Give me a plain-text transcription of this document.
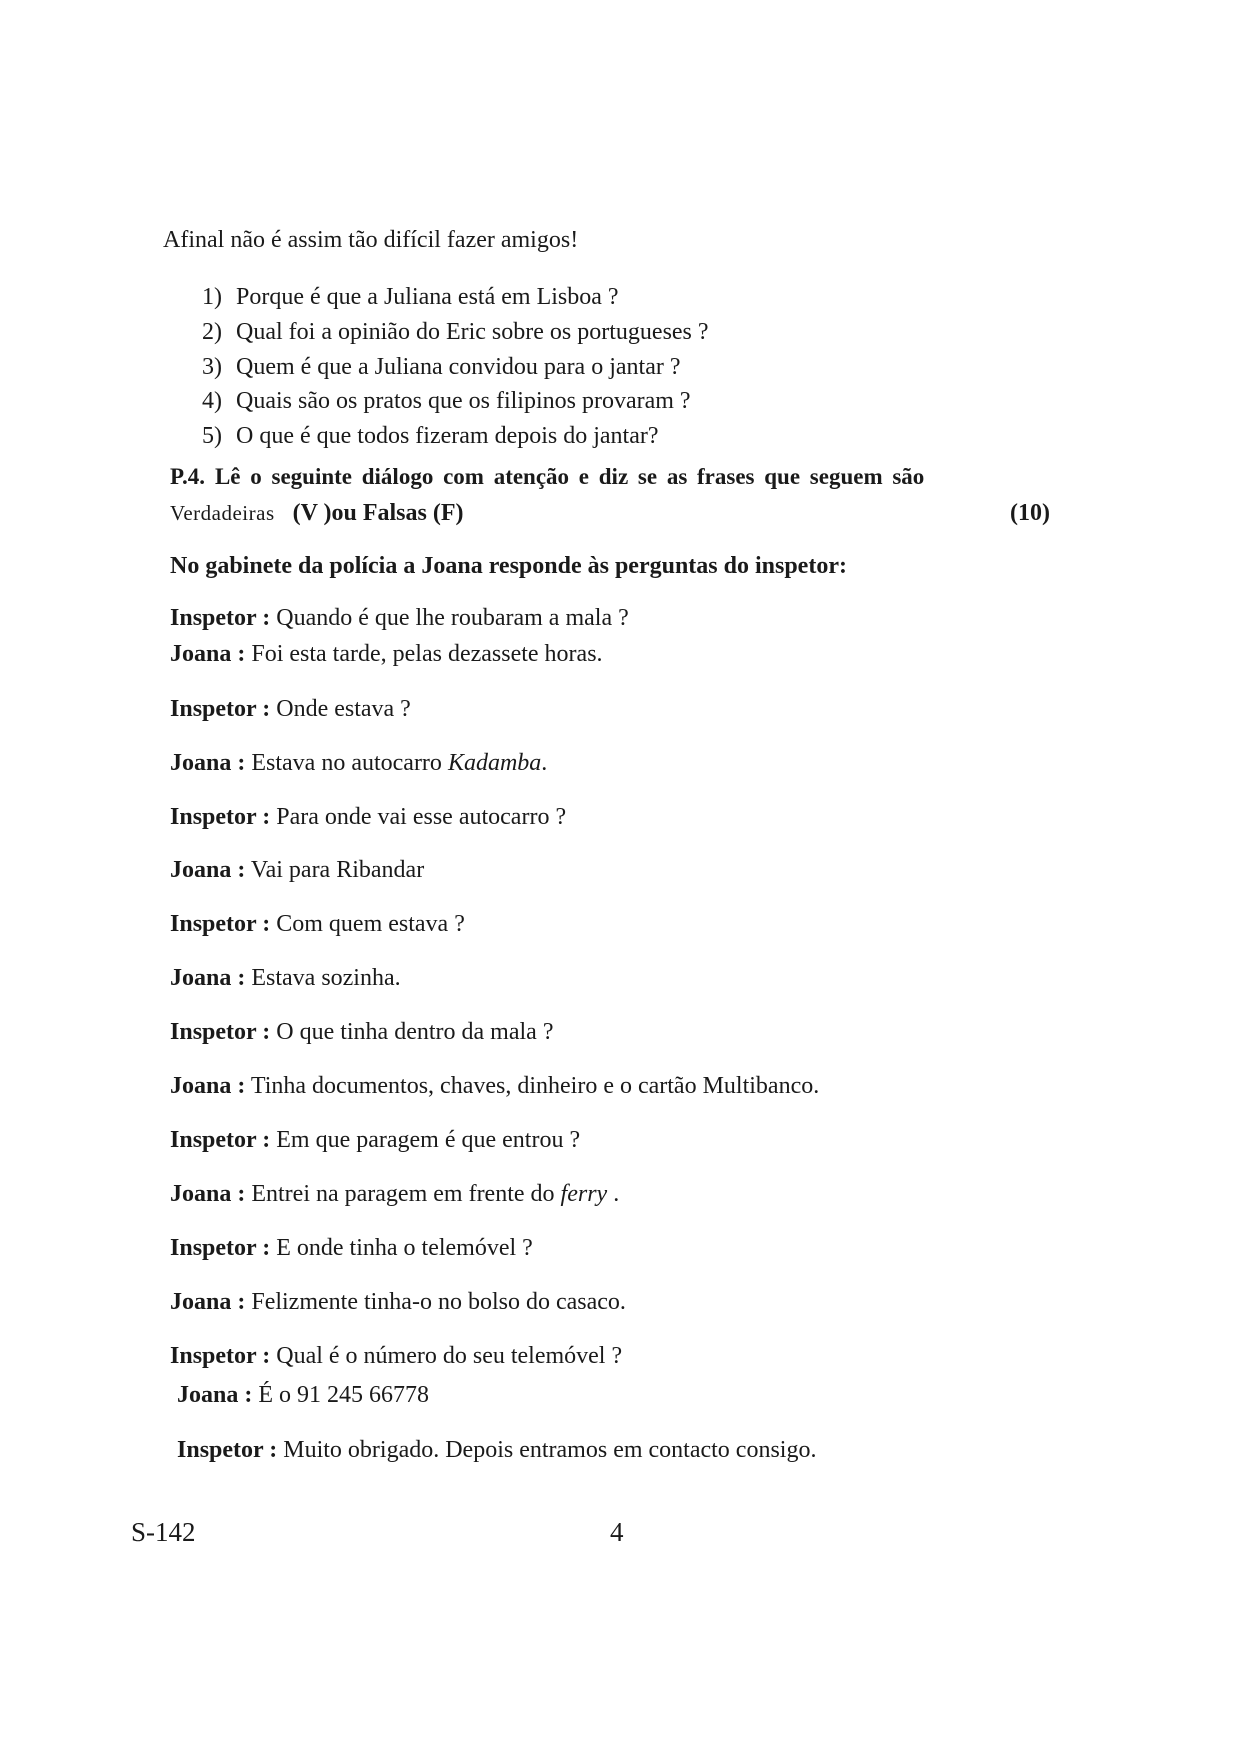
Afinal não é assim tão difícil fazer amigos!
1) Porque é que a Juliana está em Lisboa ?
2) Qual foi a opinião do Eric sobre os portugueses ?
3) Quem é que a Juliana convidou para o jantar ?
4) Quais são os pratos que os filipinos provaram ?
5) O que é que todos fizeram depois do jantar?
P.4. Lê o seguinte diálogo com atenção e diz se as frases que seguem são
Verdadeiras (V )ou Falsas (F)	(10)
No gabinete da polícia a Joana responde às perguntas do inspetor:
Inspetor : Quando é que lhe roubaram a mala ?
Joana : Foi esta tarde, pelas dezassete horas.
Inspetor : Onde estava ?
Joana : Estava no autocarro Kadamba.
Inspetor : Para onde vai esse autocarro ?
Joana : Vai para Ribandar
Inspetor : Com quem estava ?
Joana : Estava sozinha.
Inspetor : O que tinha dentro da mala ?
Joana : Tinha documentos, chaves, dinheiro e o cartão Multibanco.
Inspetor : Em que paragem é que entrou ?
Joana : Entrei na paragem em frente do ferry .
Inspetor : E onde tinha o telemóvel ?
Joana : Felizmente tinha-o no bolso do casaco.
Inspetor : Qual é o número do seu telemóvel ?
Joana : É o 91 245 66778
Inspetor : Muito obrigado. Depois entramos em contacto consigo.
S-142	4
